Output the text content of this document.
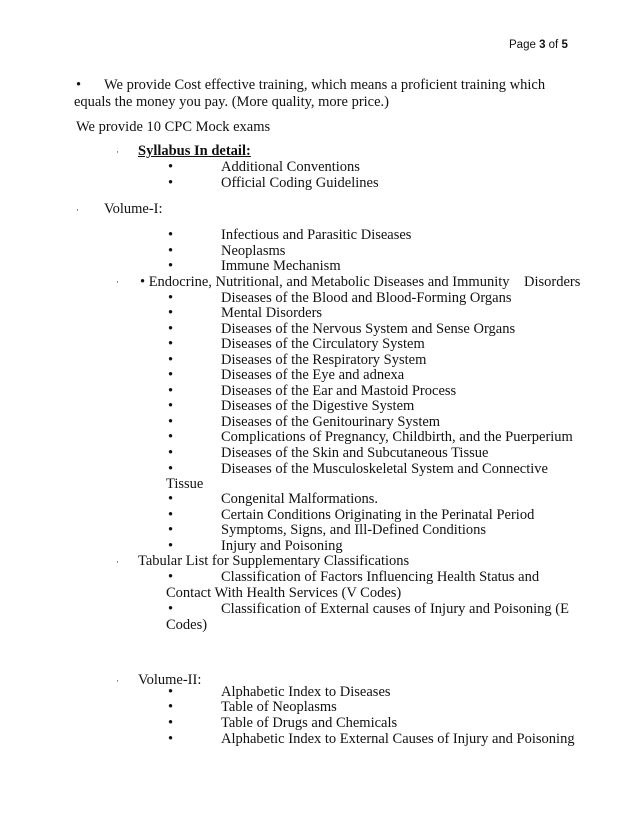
Page 3 of 5
• We provide Cost effective training, which means a proficient training which
equals the money you pay. (More quality, more price.)
We provide 10 CPC Mock exams
· Syllabus In detail:
•	Additional Conventions
•	Official Coding Guidelines
· Volume-I:
•	Infectious and Parasitic Diseases
•	Neoplasms
•	Immune Mechanism
· • Endocrine, Nutritional, and Metabolic Diseases and Immunity    Disorders
•	Diseases of the Blood and Blood-Forming Organs
•	Mental Disorders
•	Diseases of the Nervous System and Sense Organs
•	Diseases of the Circulatory System
•	Diseases of the Respiratory System
•	Diseases of the Eye and adnexa
•	Diseases of the Ear and Mastoid Process
•	Diseases of the Digestive System
•	Diseases of the Genitourinary System
•	Complications of Pregnancy, Childbirth, and the Puerperium
•	Diseases of the Skin and Subcutaneous Tissue
•	Diseases of the Musculoskeletal System and Connective
Tissue
•	Congenital Malformations.
•	Certain Conditions Originating in the Perinatal Period
•	Symptoms, Signs, and Ill-Defined Conditions
•	Injury and Poisoning
· Tabular List for Supplementary Classifications
•	Classification of Factors Influencing Health Status and
Contact With Health Services (V Codes)
•	Classification of External causes of Injury and Poisoning (E
Codes)
· Volume-II:
•	Alphabetic Index to Diseases
•	Table of Neoplasms
•	Table of Drugs and Chemicals
•	Alphabetic Index to External Causes of Injury and Poisoning
